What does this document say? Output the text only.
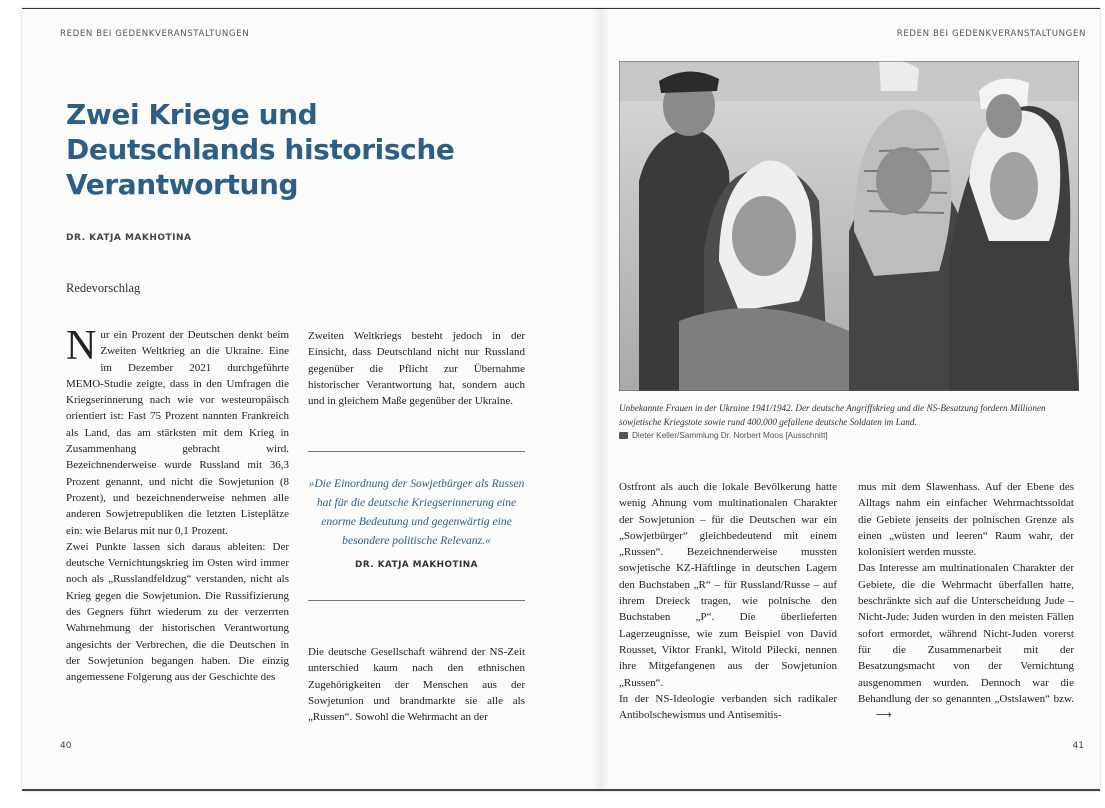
REDEN BEI GEDENKVERANSTALTUNGEN	REDEN BEI GEDENKVERANSTALTUNGEN
Zwei Kriege und
Deutschlands historische
Verantwortung
DR. KATJA MAKHOTINA
Redevorschlag

Nur ein Prozent der Deutschen denkt beim Zweiten Weltkrieg an die Ukraine. Eine im Dezember 2021 durchgeführte MEMO-Studie zeigte, dass in den Umfragen die Kriegserinnerung nach wie vor westeuropäisch orientiert ist: Fast 75 Prozent nannten Frankreich als Land, das am stärksten mit dem Krieg in Zusammenhang gebracht wird. Bezeichnenderweise wurde Russland mit 36,3 Prozent genannt, und nicht die Sowjetunion (8 Prozent), und bezeichnenderweise nehmen alle anderen Sowjetrepubliken die letzten Listeplätze ein: wie Belarus mit nur 0,1 Prozent.

Zwei Punkte lassen sich daraus ableiten: Der deutsche Vernichtungskrieg im Osten wird immer noch als „Russlandfeldzug“ verstanden, nicht als Krieg gegen die Sowjetunion. Die Russifizierung des Gegners führt wiederum zu der verzerrten Wahrnehmung der historischen Verantwortung angesichts der Verbrechen, die die Deutschen in der Sowjetunion begangen haben. Die einzig angemessene Folgerung aus der Geschichte des

Zweiten Weltkriegs besteht jedoch in der Einsicht, dass Deutschland nicht nur Russland gegenüber die Pflicht zur Übernahme historischer Verantwortung hat, sondern auch und in gleichem Maße gegenüber der Ukraine.

»Die Einordnung der Sowjetbürger als Russen hat für die deutsche Kriegserinnerung eine enorme Bedeutung und gegenwärtig eine besondere politische Relevanz.«
DR. KATJA MAKHOTINA

Die deutsche Gesellschaft während der NS-Zeit unterschied kaum nach den ethnischen Zugehörigkeiten der Menschen aus der Sowjetunion und brandmarkte sie alle als „Russen“. Sowohl die Wehrmacht an der

Unbekannte Frauen in der Ukraine 1941/1942. Der deutsche Angriffskrieg und die NS-Besatzung fordern Millionen sowjetische Kriegstote sowie rund 400.000 gefallene deutsche Soldaten im Land.
Dieter Keller/Sammlung Dr. Norbert Moos [Ausschnitt]

Ostfront als auch die lokale Bevölkerung hatte wenig Ahnung vom multinationalen Charakter der Sowjetunion – für die Deutschen war ein „Sowjetbürger“ gleichbedeutend mit einem „Russen“. Bezeichnenderweise mussten sowjetische KZ-Häftlinge in deutschen Lagern den Buchstaben „R“ – für Russland/Russe – auf ihrem Dreieck tragen, wie polnische den Buchstaben „P“. Die überlieferten Lagerzeugnisse, wie zum Beispiel von David Rousset, Viktor Frankl, Witold Pilecki, nennen ihre Mitgefangenen aus der Sowjetunion „Russen“.

In der NS-Ideologie verbanden sich radikaler Antibolschewismus und Antisemitis-

mus mit dem Slawenhass. Auf der Ebene des Alltags nahm ein einfacher Wehrmachtssoldat die Gebiete jenseits der polnischen Grenze als einen „wüsten und leeren“ Raum wahr, der kolonisiert werden musste.

Das Interesse am multinationalen Charakter der Gebiete, die die Wehrmacht überfallen hatte, beschränkte sich auf die Unterscheidung Jude – Nicht-Jude: Juden wurden in den meisten Fällen sofort ermordet, während Nicht-Juden vorerst für die Zusammenarbeit mit der Besatzungsmacht von der Vernichtung ausgenommen wurden. Dennoch war die Behandlung der so genannten „Ostslawen“ bzw.⟶

40	41
